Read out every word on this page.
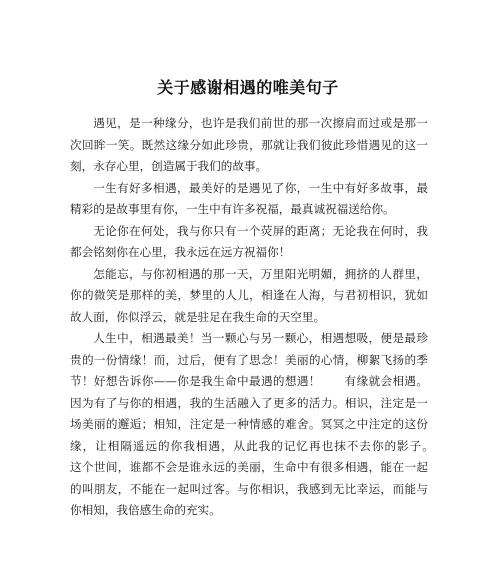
关于感谢相遇的唯美句子

遇见，是一种缘分，也许是我们前世的那一次擦肩而过或是那一次回眸一笑。既然这缘分如此珍贵，那就让我们彼此珍惜遇见的这一刻，永存心里，创造属于我们的故事。

一生有好多相遇，最美好的是遇见了你，一生中有好多故事，最精彩的是故事里有你，一生中有许多祝福，最真诚祝福送给你。

无论你在何处，我与你只有一个荧屏的距离；无论我在何时，我都会铭刻你在心里，我永远在远方祝福你！

怎能忘，与你初相遇的那一天，万里阳光明媚，拥挤的人群里，你的微笑是那样的美，梦里的人儿，相逢在人海，与君初相识，犹如故人面，你似浮云，就是驻足在我生命的天空里。

人生中，相遇最美！当一颗心与另一颗心，相遇想吸，便是最珍贵的一份情缘！而，过后，便有了思念！美丽的心情，柳絮飞扬的季节！好想告诉你——你是我生命中最遇的想遇！　　有缘就会相遇。因为有了与你的相遇，我的生活融入了更多的活力。相识，注定是一场美丽的邂逅；相知，注定是一种情感的难舍。冥冥之中注定的这份缘，让相隔遥远的你我相遇，从此我的记忆再也抹不去你的影子。　　这个世间，谁都不会是谁永远的美丽，生命中有很多相遇，能在一起的叫朋友，不能在一起叫过客。与你相识，我感到无比幸运，而能与你相知，我倍感生命的充实。
